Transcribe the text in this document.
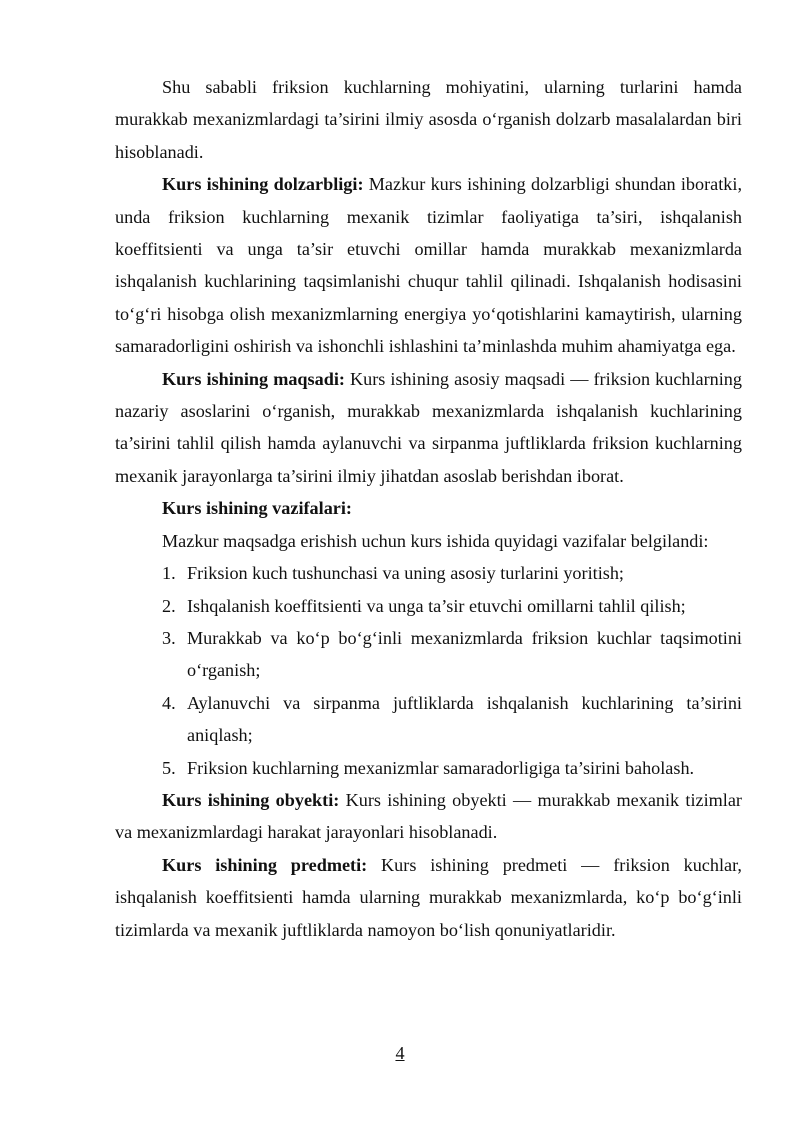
Shu sababli friksion kuchlarning mohiyatini, ularning turlarini hamda murakkab mexanizmlardagi ta’sirini ilmiy asosda o‘rganish dolzarb masalalardan biri hisoblanadi.

Kurs ishining dolzarbligi: Mazkur kurs ishining dolzarbligi shundan iboratki, unda friksion kuchlarning mexanik tizimlar faoliyatiga ta’siri, ishqalanish koeffitsienti va unga ta’sir etuvchi omillar hamda murakkab mexanizmlarda ishqalanish kuchlarining taqsimlanishi chuqur tahlil qilinadi. Ishqalanish hodisasini to‘g‘ri hisobga olish mexanizmlarning energiya yo‘qotishlarini kamaytirish, ularning samaradorligini oshirish va ishonchli ishlashini ta’minlashda muhim ahamiyatga ega.

Kurs ishining maqsadi: Kurs ishining asosiy maqsadi — friksion kuchlarning nazariy asoslarini o‘rganish, murakkab mexanizmlarda ishqalanish kuchlarining ta’sirini tahlil qilish hamda aylanuvchi va sirpanma juftliklarda friksion kuchlarning mexanik jarayonlarga ta’sirini ilmiy jihatdan asoslab berishdan iborat.

Kurs ishining vazifalari:

Mazkur maqsadga erishish uchun kurs ishida quyidagi vazifalar belgilandi:

1. Friksion kuch tushunchasi va uning asosiy turlarini yoritish;
2. Ishqalanish koeffitsienti va unga ta’sir etuvchi omillarni tahlil qilish;
3. Murakkab va ko‘p bo‘g‘inli mexanizmlarda friksion kuchlar taqsimotini o‘rganish;
4. Aylanuvchi va sirpanma juftliklarda ishqalanish kuchlarining ta’sirini aniqlash;
5. Friksion kuchlarning mexanizmlar samaradorligiga ta’sirini baholash.

Kurs ishining obyekti: Kurs ishining obyekti — murakkab mexanik tizimlar va mexanizmlardagi harakat jarayonlari hisoblanadi.

Kurs ishining predmeti: Kurs ishining predmeti — friksion kuchlar, ishqalanish koeffitsienti hamda ularning murakkab mexanizmlarda, ko‘p bo‘g‘inli tizimlarda va mexanik juftliklarda namoyon bo‘lish qonuniyatlaridir.

4
